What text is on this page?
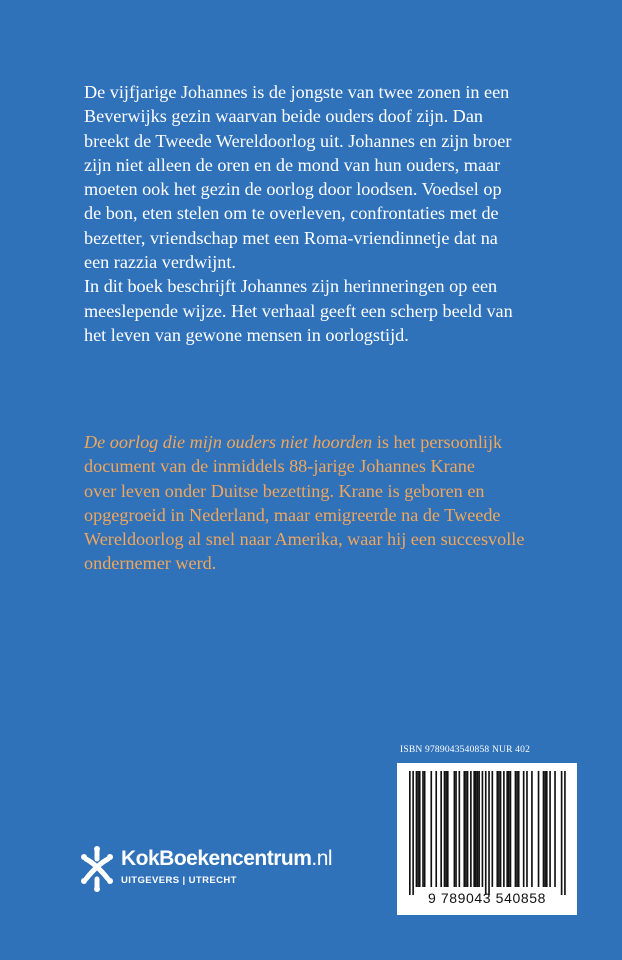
De vijfjarige Johannes is de jongste van twee zonen in een
Beverwijks gezin waarvan beide ouders doof zijn. Dan
breekt de Tweede Wereldoorlog uit. Johannes en zijn broer
zijn niet alleen de oren en de mond van hun ouders, maar
moeten ook het gezin de oorlog door loodsen. Voedsel op
de bon, eten stelen om te overleven, confrontaties met de
bezetter, vriendschap met een Roma-vriendinnetje dat na
een razzia verdwijnt.
In dit boek beschrijft Johannes zijn herinneringen op een
meeslepende wijze. Het verhaal geeft een scherp beeld van
het leven van gewone mensen in oorlogstijd.
De oorlog die mijn ouders niet hoorden is het persoonlijk
document van de inmiddels 88-jarige Johannes Krane
over leven onder Duitse bezetting. Krane is geboren en
opgegroeid in Nederland, maar emigreerde na de Tweede
Wereldoorlog al snel naar Amerika, waar hij een succesvolle
ondernemer werd.
ISBN 9789043540858 NUR 402
9 789043 540858
KokBoekencentrum.nl
UITGEVERS | UTRECHT
